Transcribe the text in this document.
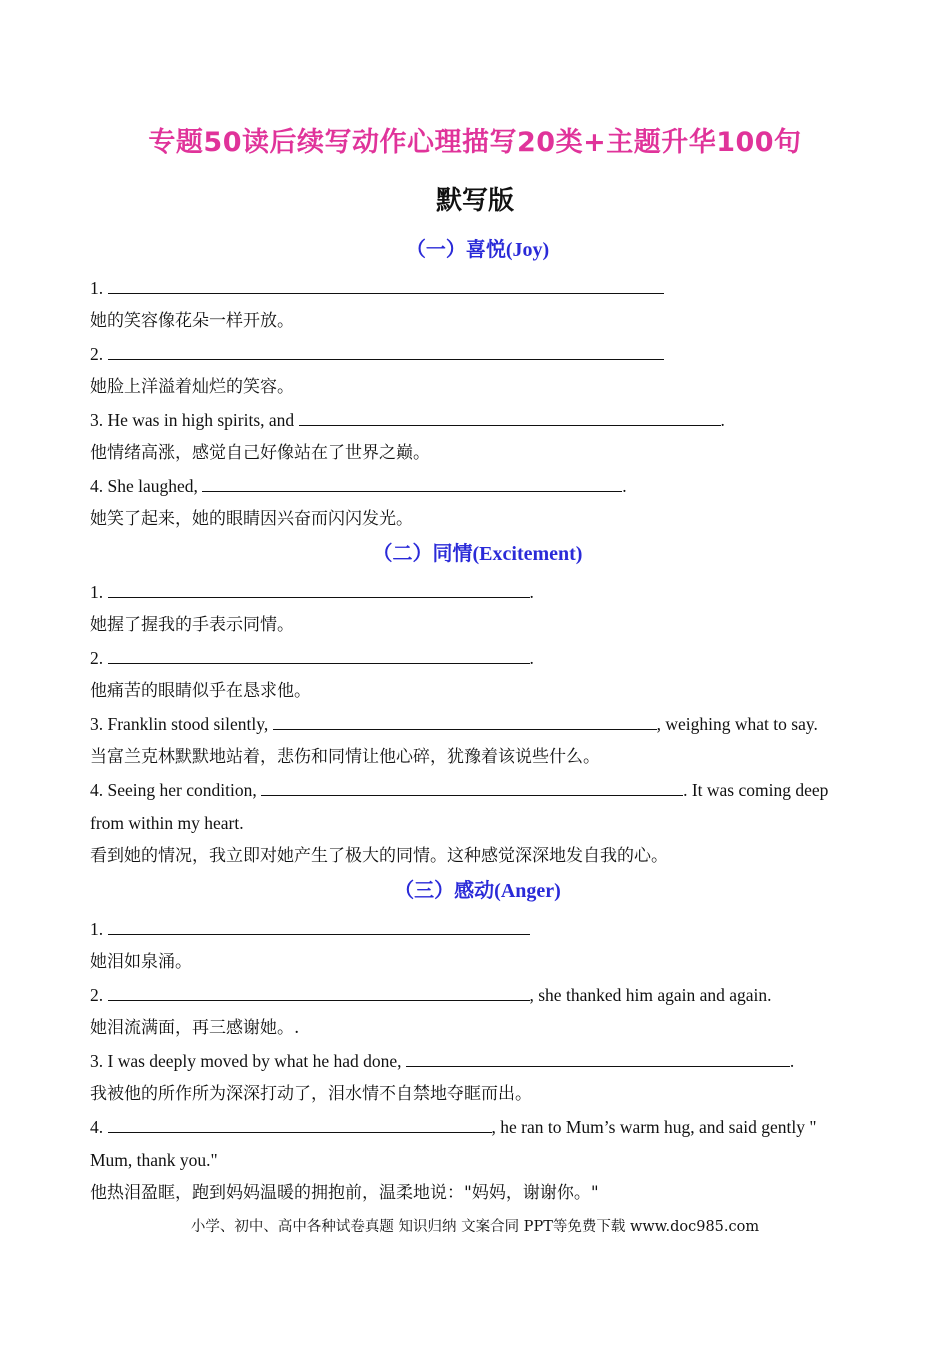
专题50读后续写动作心理描写20类+主题升华100句
默写版
（一）喜悦(Joy)
1.
她的笑容像花朵一样开放。
2.
她脸上洋溢着灿烂的笑容。
3. He was in high spirits, and	.
他情绪高涨，感觉自己好像站在了世界之巅。
4. She laughed,	.
她笑了起来，她的眼睛因兴奋而闪闪发光。
（二）同情(Excitement)
1.	.
她握了握我的手表示同情。
2.	.
他痛苦的眼睛似乎在恳求他。
3. Franklin stood silently,	, weighing what to say.
当富兰克林默默地站着，悲伤和同情让他心碎，犹豫着该说些什么。
4. Seeing her condition,	. It was coming deep
from within my heart.
看到她的情况，我立即对她产生了极大的同情。这种感觉深深地发自我的心。
（三）感动(Anger)
1.
她泪如泉涌。
2.	, she thanked him again and again.
她泪流满面，再三感谢她。.
3. I was deeply moved by what he had done,	.
我被他的所作所为深深打动了，泪水情不自禁地夺眶而出。
4.	, he ran to Mum’s warm hug, and said gently "
Mum, thank you."
他热泪盈眶，跑到妈妈温暖的拥抱前，温柔地说："妈妈，谢谢你。"
小学、初中、高中各种试卷真题 知识归纳 文案合同 PPT等免费下载 www.doc985.com
